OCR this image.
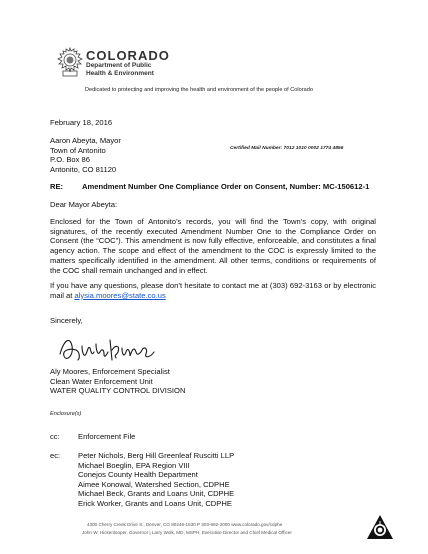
COLORADO
Department of Public
Health & Environment
Dedicated to protecting and improving the health and environment of the people of Colorado
February 18, 2016
Aaron Abeyta, Mayor
Town of Antonito
P.O. Box 86
Antonito, CO 81120
Certified Mail Number: 7012 1010 0002 1774 4856
RE: Amendment Number One Compliance Order on Consent, Number: MC-150612-1
Dear Mayor Abeyta:
Enclosed for the Town of Antonito’s records, you will find the Town’s copy, with original signatures, of the recently executed Amendment Number One to the Compliance Order on Consent (the “COC”). This amendment is now fully effective, enforceable, and constitutes a final agency action. The scope and effect of the amendment to the COC is expressly limited to the matters specifically identified in the amendment. All other terms, conditions or requirements of the COC shall remain unchanged and in effect.
If you have any questions, please don’t hesitate to contact me at (303) 692-3163 or by electronic mail at alysia.moores@state.co.us
Sincerely,
Aly Moores, Enforcement Specialist
Clean Water Enforcement Unit
WATER QUALITY CONTROL DIVISION
Enclosure(s)
cc: Enforcement File
ec: Peter Nichols, Berg Hill Greenleaf Ruscitti LLP
Michael Boeglin, EPA Region VIII
Conejos County Health Department
Aimee Konowal, Watershed Section, CDPHE
Michael Beck, Grants and Loans Unit, CDPHE
Erick Worker, Grants and Loans Unit, CDPHE
4300 Cherry Creek Drive S., Denver, CO 80246-1530 P 303-692-2000 www.colorado.gov/cdphe
John W. Hickenlooper, Governor | Larry Wolk, MD, MSPH, Executive Director and Chief Medical Officer
